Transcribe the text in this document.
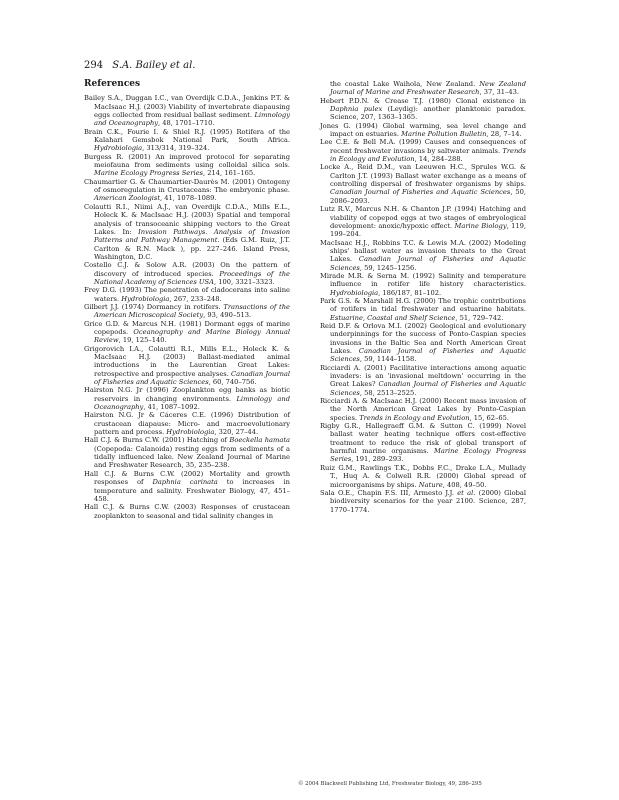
294 S.A. Bailey et al.
References

Bailey S.A., Duggan I.C., van Overdijk C.D.A., Jenkins P.T. & MacIsaac H.J. (2003) Viability of invertebrate diapausing eggs collected from residual ballast sediment. Limnology and Oceanography, 48, 1701–1710.

Brain C.K., Fourie I. & Shiel R.J. (1995) Rotifera of the Kalahari Gemsbok National Park, South Africa. Hydrobiologia, 313/314, 319–324.

Burgess R. (2001) An improved protocol for separating meiofauna from sediments using colloidal silica sols. Marine Ecology Progress Series, 214, 161–165.

Chaumartier G. & Chaumartier-Daurès M. (2001) Ontogeny of osmoregulation in Crustaceans: The embryonic phase. American Zoologist, 41, 1078–1089.

Colautti R.I., Niimi A.J., van Overdijk C.D.A., Mills E.L., Holeck K. & MacIsaac H.J. (2003) Spatial and temporal analysis of transoceanic shipping vectors to the Great Lakes. In: Invasion Pathways. Analysis of Invasion Patterns and Pathway Management. (Eds G.M. Ruiz, J.T. Carlton & R.N. Mack ), pp. 227–246. Island Press, Washington, D.C.

Costello C.J. & Solow A.R. (2003) On the pattern of discovery of introduced species. Proceedings of the National Academy of Sciences USA, 100, 3321–3323.

Frey D.G. (1993) The penetration of cladocerans into saline waters. Hydrobiologia, 267, 233–248.

Gilbert J.J. (1974) Dormancy in rotifers. Transactions of the American Microscopical Society, 93, 490–513.

Grice G.D. & Marcus N.H. (1981) Dormant eggs of marine copepods. Oceanography and Marine Biology Annual Review, 19, 125–140.

Grigorovich I.A., Colautti R.I., Mills E.L., Holeck K. & MacIsaac H.J. (2003) Ballast-mediated animal introductions in the Laurentian Great Lakes: retrospective and prospective analyses. Canadian Journal of Fisheries and Aquatic Sciences, 60, 740–756.

Hairston N.G. Jr (1996) Zooplankton egg banks as biotic reservoirs in changing environments. Limnology and Oceanography, 41, 1087–1092.

Hairston N.G. Jr & Cáceres C.E. (1996) Distribution of crustacean diapause: Micro- and macroevolutionary pattern and process. Hydrobiologia, 320, 27–44.

Hall C.J. & Burns C.W. (2001) Hatching of Boeckella hamata (Copepoda: Calanoida) resting eggs from sediments of a tidally influenced lake. New Zealand Journal of Marine and Freshwater Research, 35, 235–238.

Hall C.J. & Burns C.W. (2002) Mortality and growth responses of Daphnia carinata to increases in temperature and salinity. Freshwater Biology, 47, 451–458.

Hall C.J. & Burns C.W. (2003) Responses of crustacean zooplankton to seasonal and tidal salinity changes in

the coastal Lake Waihola, New Zealand. New Zealand Journal of Marine and Freshwater Research, 37, 31–43.

Hebert P.D.N. & Crease T.J. (1980) Clonal existence in Daphnia pulex (Leydig): another planktonic paradox. Science, 207, 1363–1365.

Jones G. (1994) Global warming, sea level change and impact on estuaries. Marine Pollution Bulletin, 28, 7–14.

Lee C.E. & Bell M.A. (1999) Causes and consequences of recent freshwater invasions by saltwater animals. Trends in Ecology and Evolution, 14, 284–288.

Locke A., Reid D.M., van Leeuwen H.C., Sprules W.G. & Carlton J.T. (1993) Ballast water exchange as a means of controlling dispersal of freshwater organisms by ships. Canadian Journal of Fisheries and Aquatic Sciences, 50, 2086–2093.

Lutz R.V., Marcus N.H. & Chanton J.P. (1994) Hatching and viability of copepod eggs at two stages of embryological development: anoxic/hypoxic effect. Marine Biology, 119, 199–204.

MacIsaac H.J., Robbins T.C. & Lewis M.A. (2002) Modeling ships' ballast water as invasion threats to the Great Lakes. Canadian Journal of Fisheries and Aquatic Sciences, 59, 1245–1256.

Mirade M.R. & Serna M. (1992) Salinity and temperature influence in rotifer life history characteristics. Hydrobiologia, 186/187, 81–102.

Park G.S. & Marshall H.G. (2000) The trophic contributions of rotifers in tidal freshwater and estuarine habitats. Estuarine, Coastal and Shelf Science, 51, 729–742.

Reid D.F. & Orlova M.I. (2002) Geological and evolutionary underpinnings for the success of Ponto-Caspian species invasions in the Baltic Sea and North American Great Lakes. Canadian Journal of Fisheries and Aquatic Sciences, 59, 1144–1158.

Ricciardi A. (2001) Facilitative interactions among aquatic invaders: is an 'invasional meltdown' occurring in the Great Lakes? Canadian Journal of Fisheries and Aquatic Sciences, 58, 2513–2525.

Ricciardi A. & MacIsaac H.J. (2000) Recent mass invasion of the North American Great Lakes by Ponto-Caspian species. Trends in Ecology and Evolution, 15, 62–65.

Rigby G.R., Hallegraeff G.M. & Sutton C. (1999) Novel ballast water heating technique offers cost-effective treatment to reduce the risk of global transport of harmful marine organisms. Marine Ecology Progress Series, 191, 289–293.

Ruiz G.M., Rawlings T.K., Dobbs F.C., Drake L.A., Mullady T., Huq A. & Colwell R.R. (2000) Global spread of microorganisms by ships. Nature, 408, 49–50.

Sala O.E., Chapin F.S. III, Armesto J.J. et al. (2000) Global biodiversity scenarios for the year 2100. Science, 287, 1770–1774.

© 2004 Blackwell Publishing Ltd, Freshwater Biology, 49, 286–295
